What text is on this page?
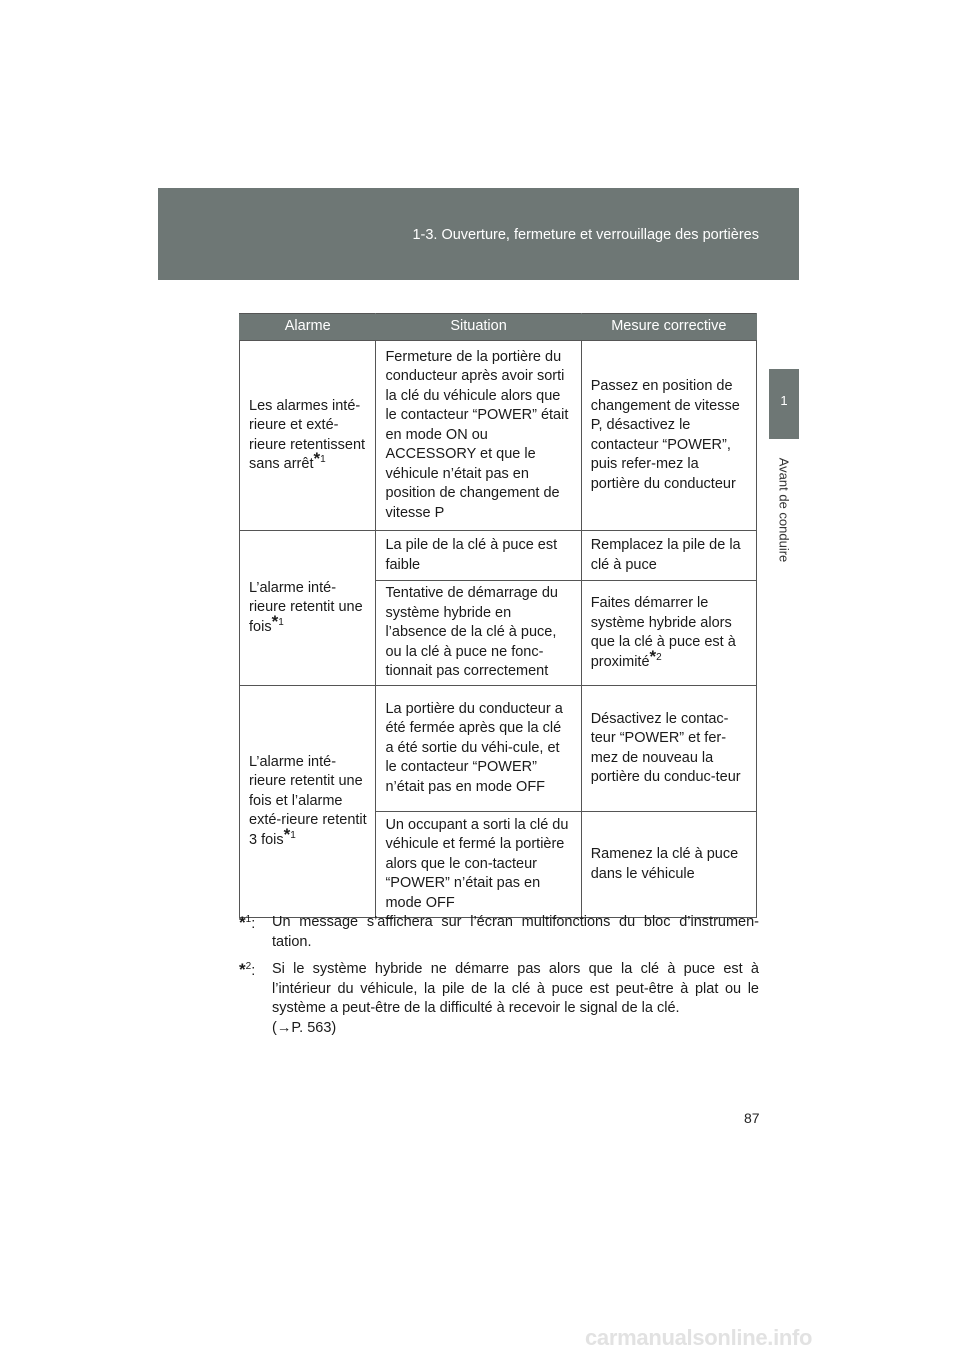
1-3. Ouverture, fermeture et verrouillage des portières
1
Avant de conduire
Alarme	Situation	Mesure corrective
Les alarmes inté-rieure et exté-rieure retentissent sans arrêt$^{*1}$	Fermeture de la portière du conducteur après avoir sorti la clé du véhicule alors que le contacteur “POWER” était en mode ON ou ACCESSORY et que le véhicule n’était pas en position de changement de vitesse P	Passez en position de changement de vitesse P, désactivez le contacteur “POWER”, puis refer-mez la portière du conducteur
L’alarme inté-rieure retentit une fois$^{*1}$	La pile de la clé à puce est faible	Remplacez la pile de la clé à puce
	Tentative de démarrage du système hybride en l’absence de la clé à puce, ou la clé à puce ne fonc-tionnait pas correctement	Faites démarrer le système hybride alors que la clé à puce est à proximité$^{*2}$
L’alarme inté-rieure retentit une fois et l’alarme exté-rieure retentit 3 fois$^{*1}$	La portière du conducteur a été fermée après que la clé a été sortie du véhi-cule, et le contacteur “POWER” n’était pas en mode OFF	Désactivez le contac-teur “POWER” et fer-mez de nouveau la portière du conduc-teur
	Un occupant a sorti la clé du véhicule et fermé la portière alors que le con-tacteur “POWER” n’était pas en mode OFF	Ramenez la clé à puce dans le véhicule
*$^1$: Un message s’affichera sur l’écran multifonctions du bloc d’instrumen-tation.
*$^2$: Si le système hybride ne démarre pas alors que la clé à puce est à l’intérieur du véhicule, la pile de la clé à puce est peut-être à plat ou le système a peut-être de la difficulté à recevoir le signal de la clé.
(→P. 563)
87
carmanualsonline.info
